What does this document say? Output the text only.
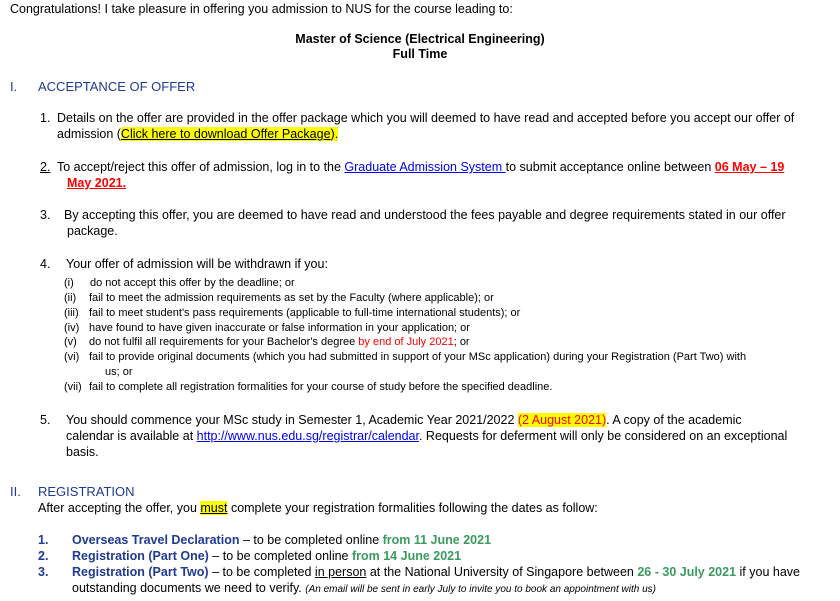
Congratulations! I take pleasure in offering you admission to NUS for the course leading to:
Master of Science (Electrical Engineering)
Full Time
I. ACCEPTANCE OF OFFER
1. Details on the offer are provided in the offer package which you will deemed to have read and accepted before you accept our offer of
admission (Click here to download Offer Package).
2. To accept/reject this offer of admission, log in to the Graduate Admission System to submit acceptance online between 06 May – 19
May 2021.
3. By accepting this offer, you are deemed to have read and understood the fees payable and degree requirements stated in our offer
package.
4. Your offer of admission will be withdrawn if you:
(i) do not accept this offer by the deadline; or
(ii) fail to meet the admission requirements as set by the Faculty (where applicable); or
(iii) fail to meet student's pass requirements (applicable to full-time international students); or
(iv) have found to have given inaccurate or false information in your application; or
(v) do not fulfil all requirements for your Bachelor's degree by end of July 2021; or
(vi) fail to provide original documents (which you had submitted in support of your MSc application) during your Registration (Part Two) with
us; or
(vii) fail to complete all registration formalities for your course of study before the specified deadline.
5. You should commence your MSc study in Semester 1, Academic Year 2021/2022 (2 August 2021). A copy of the academic
calendar is available at http://www.nus.edu.sg/registrar/calendar. Requests for deferment will only be considered on an exceptional
basis.
II. REGISTRATION
After accepting the offer, you must complete your registration formalities following the dates as follow:
1. Overseas Travel Declaration – to be completed online from 11 June 2021
2. Registration (Part One) – to be completed online from 14 June 2021
3. Registration (Part Two) – to be completed in person at the National University of Singapore between 26 - 30 July 2021 if you have
outstanding documents we need to verify. (An email will be sent in early July to invite you to book an appointment with us)
